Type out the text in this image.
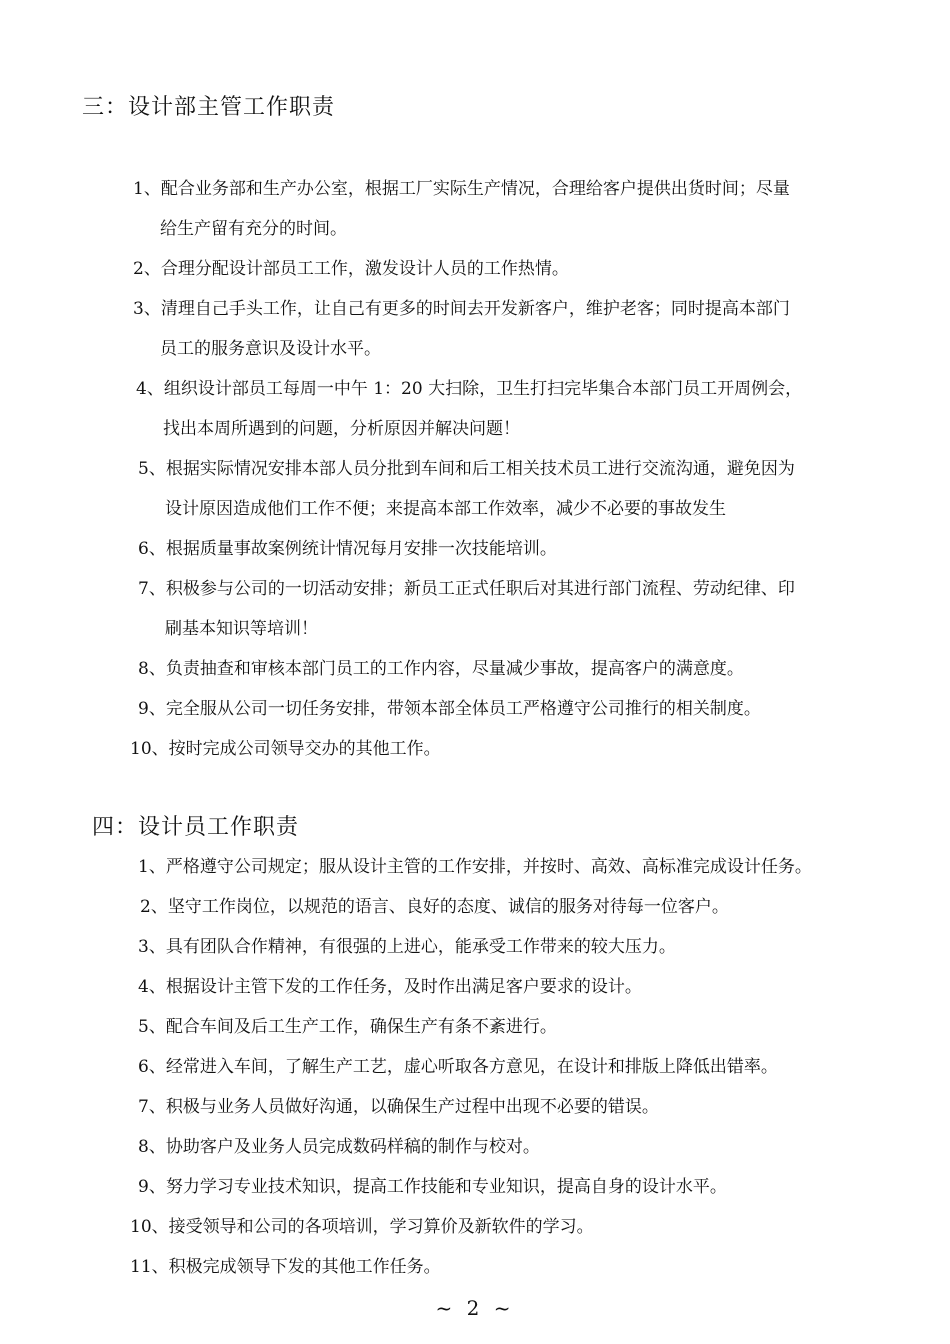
三：设计部主管工作职责
1、配合业务部和生产办公室，根据工厂实际生产情况，合理给客户提供出货时间；尽量
给生产留有充分的时间。
2、合理分配设计部员工工作，激发设计人员的工作热情。
3、清理自己手头工作，让自己有更多的时间去开发新客户，维护老客；同时提高本部门
员工的服务意识及设计水平。
4、组织设计部员工每周一中午 1：20 大扫除，卫生打扫完毕集合本部门员工开周例会，
找出本周所遇到的问题，分析原因并解决问题！
5、根据实际情况安排本部人员分批到车间和后工相关技术员工进行交流沟通，避免因为
设计原因造成他们工作不便；来提高本部工作效率，减少不必要的事故发生
6、根据质量事故案例统计情况每月安排一次技能培训。
7、积极参与公司的一切活动安排；新员工正式任职后对其进行部门流程、劳动纪律、印
刷基本知识等培训！
8、负责抽查和审核本部门员工的工作内容，尽量减少事故，提高客户的满意度。
9、完全服从公司一切任务安排，带领本部全体员工严格遵守公司推行的相关制度。
10、按时完成公司领导交办的其他工作。
四：设计员工作职责
1、严格遵守公司规定；服从设计主管的工作安排，并按时、高效、高标准完成设计任务。
2、坚守工作岗位，以规范的语言、良好的态度、诚信的服务对待每一位客户。
3、具有团队合作精神，有很强的上进心，能承受工作带来的较大压力。
4、根据设计主管下发的工作任务，及时作出满足客户要求的设计。
5、配合车间及后工生产工作，确保生产有条不紊进行。
6、经常进入车间，了解生产工艺，虚心听取各方意见，在设计和排版上降低出错率。
7、积极与业务人员做好沟通，以确保生产过程中出现不必要的错误。
8、协助客户及业务人员完成数码样稿的制作与校对。
9、努力学习专业技术知识，提高工作技能和专业知识，提高自身的设计水平。
10、接受领导和公司的各项培训，学习算价及新软件的学习。
11、积极完成领导下发的其他工作任务。
~ 2 ~
